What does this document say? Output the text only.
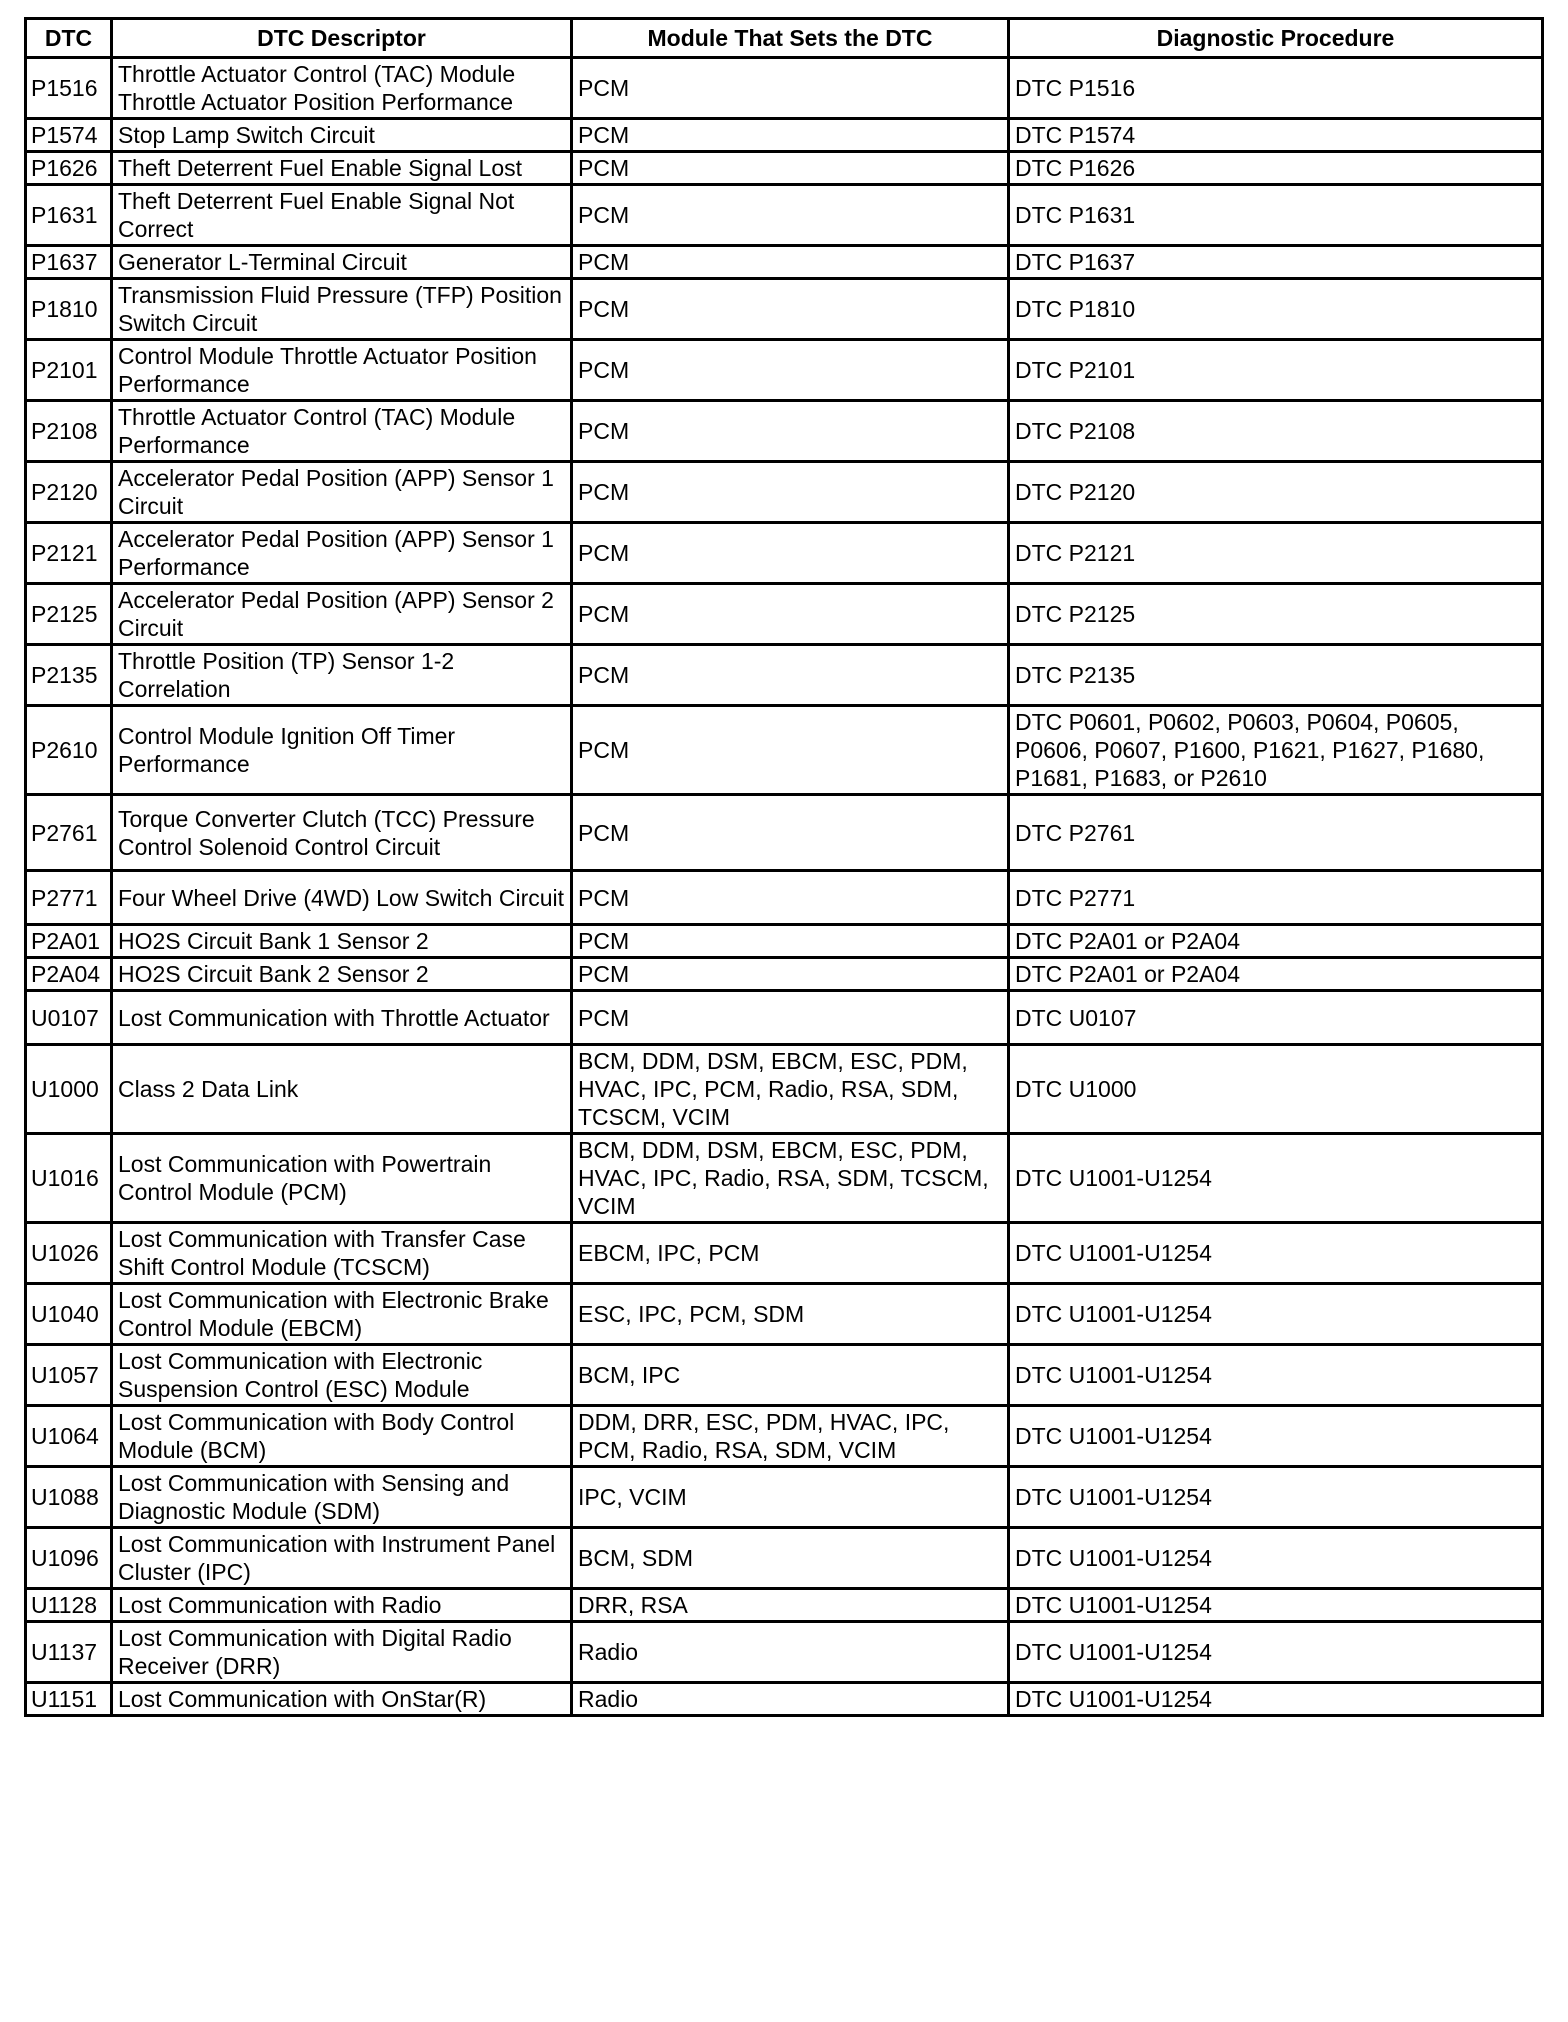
DTC	DTC Descriptor	Module That Sets the DTC	Diagnostic Procedure
P1516	Throttle Actuator Control (TAC) Module Throttle Actuator Position Performance	PCM	DTC P1516
P1574	Stop Lamp Switch Circuit	PCM	DTC P1574
P1626	Theft Deterrent Fuel Enable Signal Lost	PCM	DTC P1626
P1631	Theft Deterrent Fuel Enable Signal Not Correct	PCM	DTC P1631
P1637	Generator L-Terminal Circuit	PCM	DTC P1637
P1810	Transmission Fluid Pressure (TFP) Position Switch Circuit	PCM	DTC P1810
P2101	Control Module Throttle Actuator Position Performance	PCM	DTC P2101
P2108	Throttle Actuator Control (TAC) Module Performance	PCM	DTC P2108
P2120	Accelerator Pedal Position (APP) Sensor 1 Circuit	PCM	DTC P2120
P2121	Accelerator Pedal Position (APP) Sensor 1 Performance	PCM	DTC P2121
P2125	Accelerator Pedal Position (APP) Sensor 2 Circuit	PCM	DTC P2125
P2135	Throttle Position (TP) Sensor 1-2 Correlation	PCM	DTC P2135
P2610	Control Module Ignition Off Timer Performance	PCM	DTC P0601, P0602, P0603, P0604, P0605, P0606, P0607, P1600, P1621, P1627, P1680, P1681, P1683, or P2610
P2761	Torque Converter Clutch (TCC) Pressure Control Solenoid Control Circuit	PCM	DTC P2761
P2771	Four Wheel Drive (4WD) Low Switch Circuit	PCM	DTC P2771
P2A01	HO2S Circuit Bank 1 Sensor 2	PCM	DTC P2A01 or P2A04
P2A04	HO2S Circuit Bank 2 Sensor 2	PCM	DTC P2A01 or P2A04
U0107	Lost Communication with Throttle Actuator	PCM	DTC U0107
U1000	Class 2 Data Link	BCM, DDM, DSM, EBCM, ESC, PDM, HVAC, IPC, PCM, Radio, RSA, SDM, TCSCM, VCIM	DTC U1000
U1016	Lost Communication with Powertrain Control Module (PCM)	BCM, DDM, DSM, EBCM, ESC, PDM, HVAC, IPC, Radio, RSA, SDM, TCSCM, VCIM	DTC U1001-U1254
U1026	Lost Communication with Transfer Case Shift Control Module (TCSCM)	EBCM, IPC, PCM	DTC U1001-U1254
U1040	Lost Communication with Electronic Brake Control Module (EBCM)	ESC, IPC, PCM, SDM	DTC U1001-U1254
U1057	Lost Communication with Electronic Suspension Control (ESC) Module	BCM, IPC	DTC U1001-U1254
U1064	Lost Communication with Body Control Module (BCM)	DDM, DRR, ESC, PDM, HVAC, IPC, PCM, Radio, RSA, SDM, VCIM	DTC U1001-U1254
U1088	Lost Communication with Sensing and Diagnostic Module (SDM)	IPC, VCIM	DTC U1001-U1254
U1096	Lost Communication with Instrument Panel Cluster (IPC)	BCM, SDM	DTC U1001-U1254
U1128	Lost Communication with Radio	DRR, RSA	DTC U1001-U1254
U1137	Lost Communication with Digital Radio Receiver (DRR)	Radio	DTC U1001-U1254
U1151	Lost Communication with OnStar(R)	Radio	DTC U1001-U1254
